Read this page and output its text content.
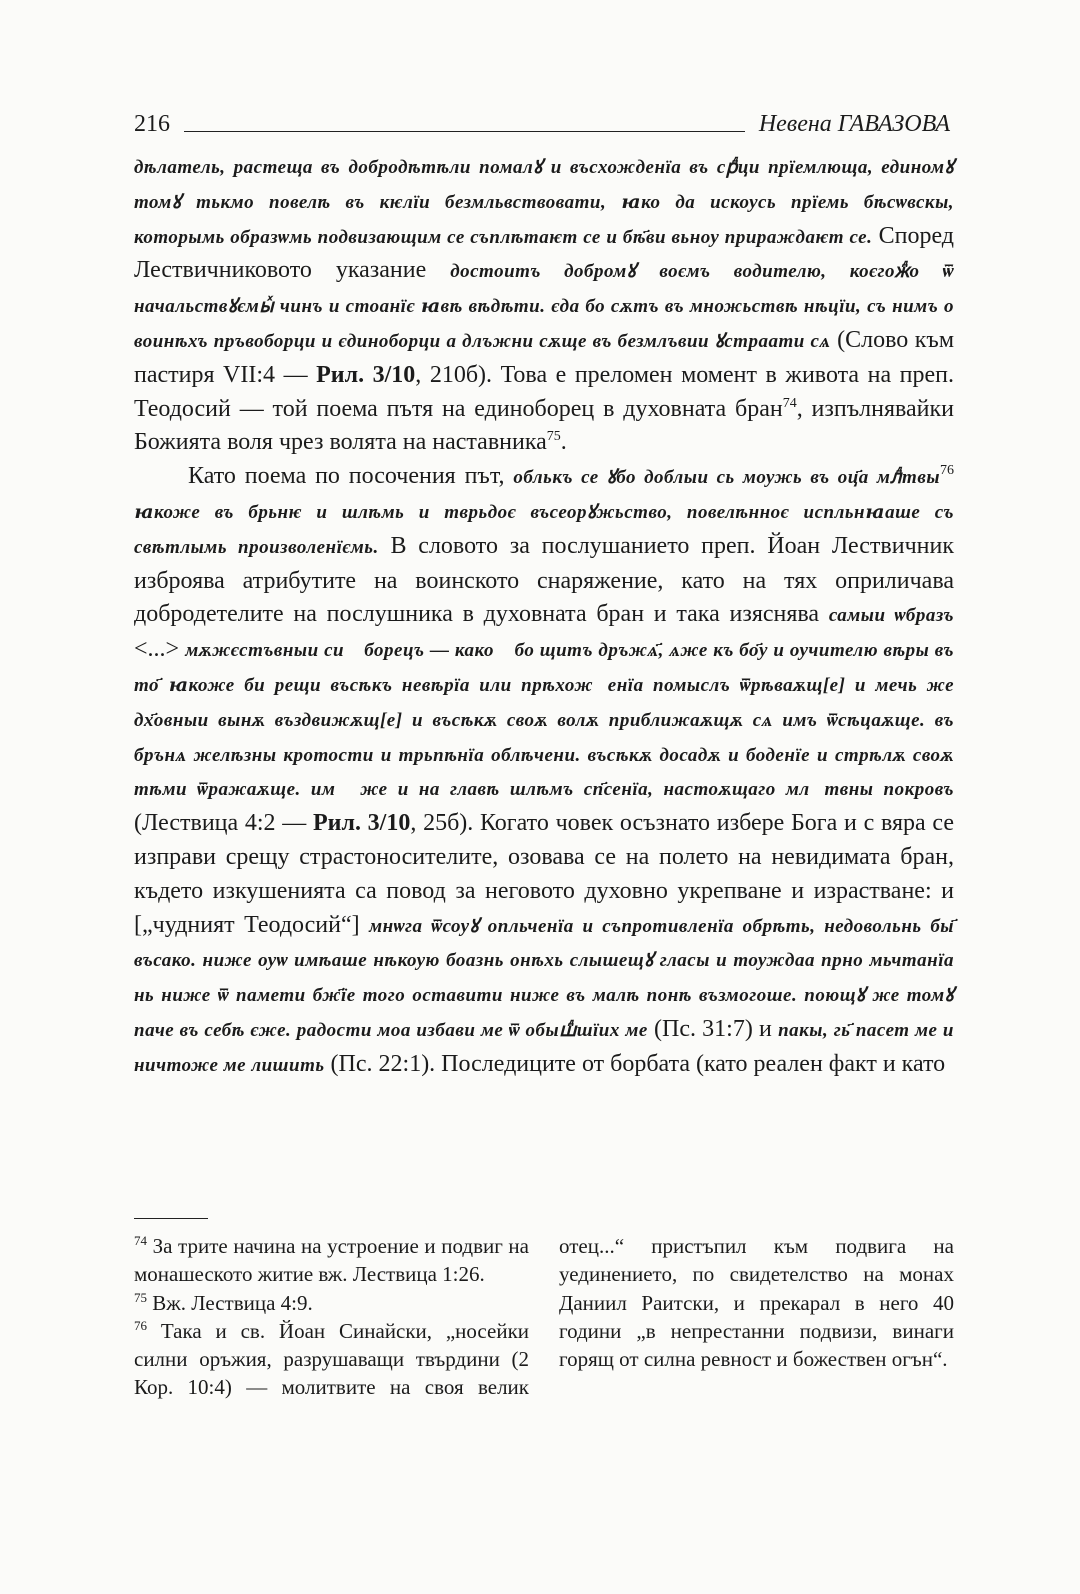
216	Невена ГАВАЗОВА

дѣлатель, растещa въ добродѣтѣли помалꙋ и въсхожденїа въ срⷣци прїемлюща, единомꙋ томꙋ тькмо повелѣ въ кѥлїи безмльвствовати, ꙗко да искоусь прїемь бѣсѡвскы, которымь образѡмь подвизающим се съплѣтаѥт се и бѣ҃ви вьноу прираждаѥт се. Според Лествичниковото указание достоитъ добромꙋ воємъ водителю, коєгожⷣо ѿ начальствꙋємыⷯ чинъ и стоанїє ꙗвѣ вѣдѣти. єда бо сѫтъ въ множьствѣ нѣцїи, съ нимъ о воинѣхъ пръвоборци и єдиноборци а длъжни сѫще въ безмлъвии ꙋстраати сѧ (Слово към пастиря VII:4 — Рил. 3/10, 210б). Това е преломен момент в живота на преп. Теодосий — той поема пътя на единоборец в духовната бран$^{74}$, изпълнявайки Божията воля чрез волята на наставника$^{75}$.

Като поема по посочения път, облькъ се ꙋбо доблыи сь моужь въ оц҃а млⷣтвы$^{76}$ ꙗкоже въ брьнѥ и шлѣмь и тврьдоє въсеорꙋжьство, повелѣнноє испльнꙗаше съ свѣтлымь произволенїємь. В словото за послушанието преп. Йоан Лествичник изброява атрибутите на воинското снаряжение, като на тях оприличава добродетелите на послушника в духовната бран и така изяснява самыи ѡбразъ <...> мѫжєстъвныи сиⷯ борецъ — како ꙋбо щитъ дръжѧ҃, ѧже къ бо҃у и оучителю вѣры въ то҃ ꙗкоже би рещи въсѣкъ невѣрїа или прѣхожⷣенїа помыслъ ѿрѣваѫщ[е] и мечь же дх҃овныи вынѫ въздвижѫщ[е] и въсѣкѫ своѫ волѫ приближаѫщѫ сѧ имъ ѿсѣцаѫще. въ брънѧ желѣзны кротости и трьпѣнїа облѣчени. въсѣкѫ досадѫ и боденїе и стрѣлѫ своѫ тѣми ѿражаѫще. имⷮ же и на главѣ шлѣмъ сп҃сенїа, настоѫщаго млⷣтвны покровъ (Лествица 4:2 — Рил. 3/10, 25б). Когато човек осъзнато избере Бога и с вяра се изправи срещу страстоносителите, озовава се на полето на невидимата бран, където изкушенията са повод за неговото духовно укрепване и израстване: и [„чудният Теодосий“] мнѡга ѿсоуꙋ опльченїа и съпротивленїа обрѣть, недовольнь бы҃ въсако. ниже оуѡ имѣаше нѣкоую боазнь онѣхь слышещꙋ гласы и тоуждаа прно мьчтанїа нь ниже ѿ памети бж҃їе того оставити ниже въ малѣ понѣ възмогоше. поющꙋ же томꙋ паче въ себѣ єже. радости моа избави ме ѿ обышⷣшїих ме (Пс. 31:7) и пакы, гь҃ пасет ме и ничтоже ме лишить (Пс. 22:1). Последиците от борбата (като реален факт и като

$^{74}$ За трите начина на устроение и подвиг на монашеското житие вж. Лествица 1:26.

$^{75}$ Вж. Лествица 4:9.

$^{76}$ Така и св. Йоан Синайски, „носейки силни оръжия, разрушаващи твърдини (2 Кор. 10:4) — молитвите на своя велик отец...“ пристъпил към подвига на уединението, по свидетелство на монах Даниил Раитски, и прекарал в него 40 години „в непрестанни подвизи, винаги горящ от силна ревност и божествен огън“.
